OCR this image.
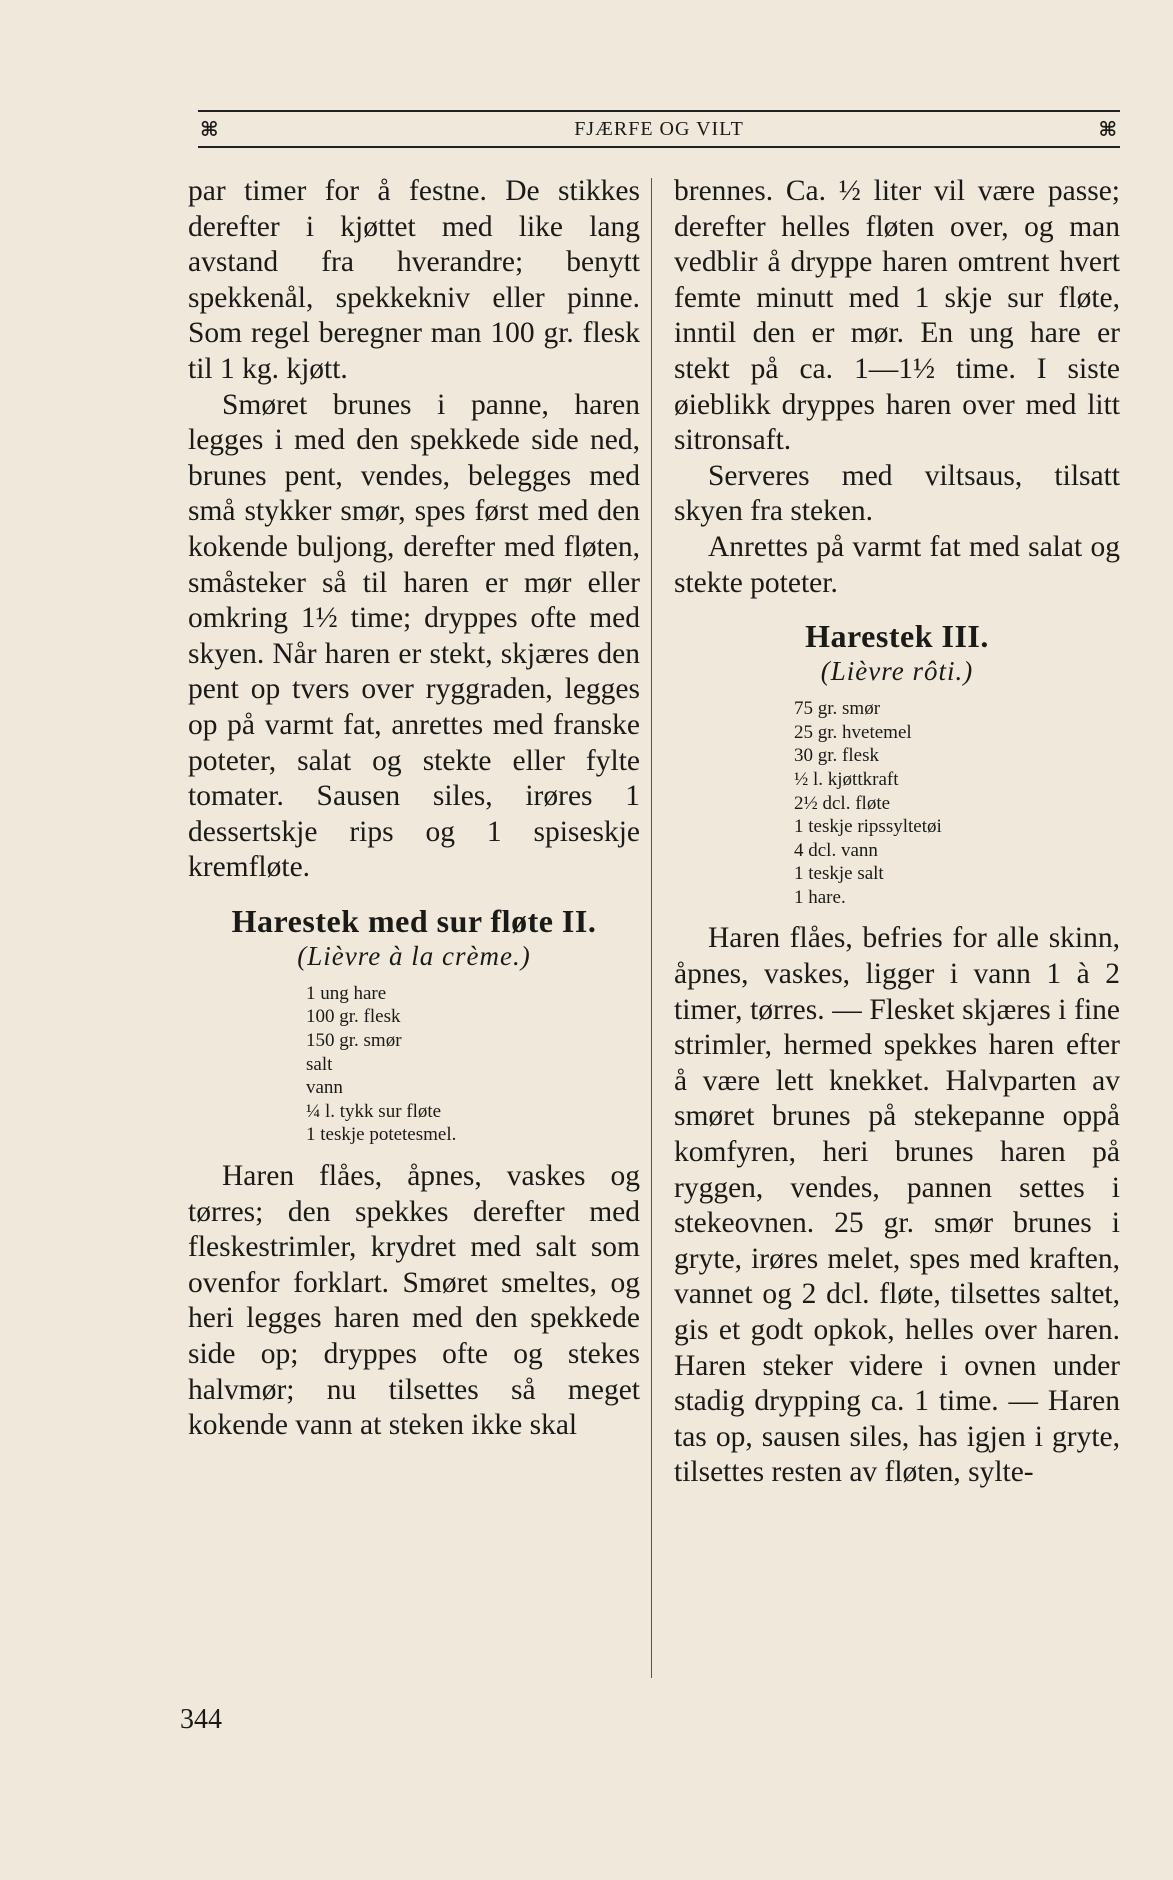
⌘	FJÆRFE OG VILT	⌘

par timer for å festne. De stikkes derefter i kjøttet med like lang avstand fra hverandre; benytt spekkenål, spekkekniv eller pinne. Som regel beregner man 100 gr. flesk til 1 kg. kjøtt.

Smøret brunes i panne, haren legges i med den spekkede side ned, brunes pent, vendes, belegges med små stykker smør, spes først med den kokende buljong, derefter med fløten, småsteker så til haren er mør eller omkring 1½ time; dryppes ofte med skyen. Når haren er stekt, skjæres den pent op tvers over ryggraden, legges op på varmt fat, anrettes med franske poteter, salat og stekte eller fylte tomater. Sausen siles, irøres 1 dessertskje rips og 1 spiseskje kremfløte.

Harestek med sur fløte II.
(Lièvre à la crème.)
1 ung hare
100 gr. flesk
150 gr. smør
salt
vann
¼ l. tykk sur fløte
1 teskje potetesmel.

Haren flåes, åpnes, vaskes og tørres; den spekkes derefter med fleskestrimler, krydret med salt som ovenfor forklart. Smøret smeltes, og heri legges haren med den spekkede side op; dryppes ofte og stekes halvmør; nu tilsettes så meget kokende vann at steken ikke skal

brennes. Ca. ½ liter vil være passe; derefter helles fløten over, og man vedblir å dryppe haren omtrent hvert femte minutt med 1 skje sur fløte, inntil den er mør. En ung hare er stekt på ca. 1—1½ time. I siste øieblikk dryppes haren over med litt sitronsaft.

Serveres med viltsaus, tilsatt skyen fra steken.

Anrettes på varmt fat med salat og stekte poteter.

Harestek III.
(Lièvre rôti.)
75 gr. smør
25 gr. hvetemel
30 gr. flesk
½ l. kjøttkraft
2½ dcl. fløte
1 teskje ripssyltetøi
4 dcl. vann
1 teskje salt
1 hare.

Haren flåes, befries for alle skinn, åpnes, vaskes, ligger i vann 1 à 2 timer, tørres. — Flesket skjæres i fine strimler, hermed spekkes haren efter å være lett knekket. Halvparten av smøret brunes på stekepanne oppå komfyren, heri brunes haren på ryggen, vendes, pannen settes i stekeovnen. 25 gr. smør brunes i gryte, irøres melet, spes med kraften, vannet og 2 dcl. fløte, tilsettes saltet, gis et godt opkok, helles over haren. Haren steker videre i ovnen under stadig drypping ca. 1 time. — Haren tas op, sausen siles, has igjen i gryte, tilsettes resten av fløten, sylte-

344
